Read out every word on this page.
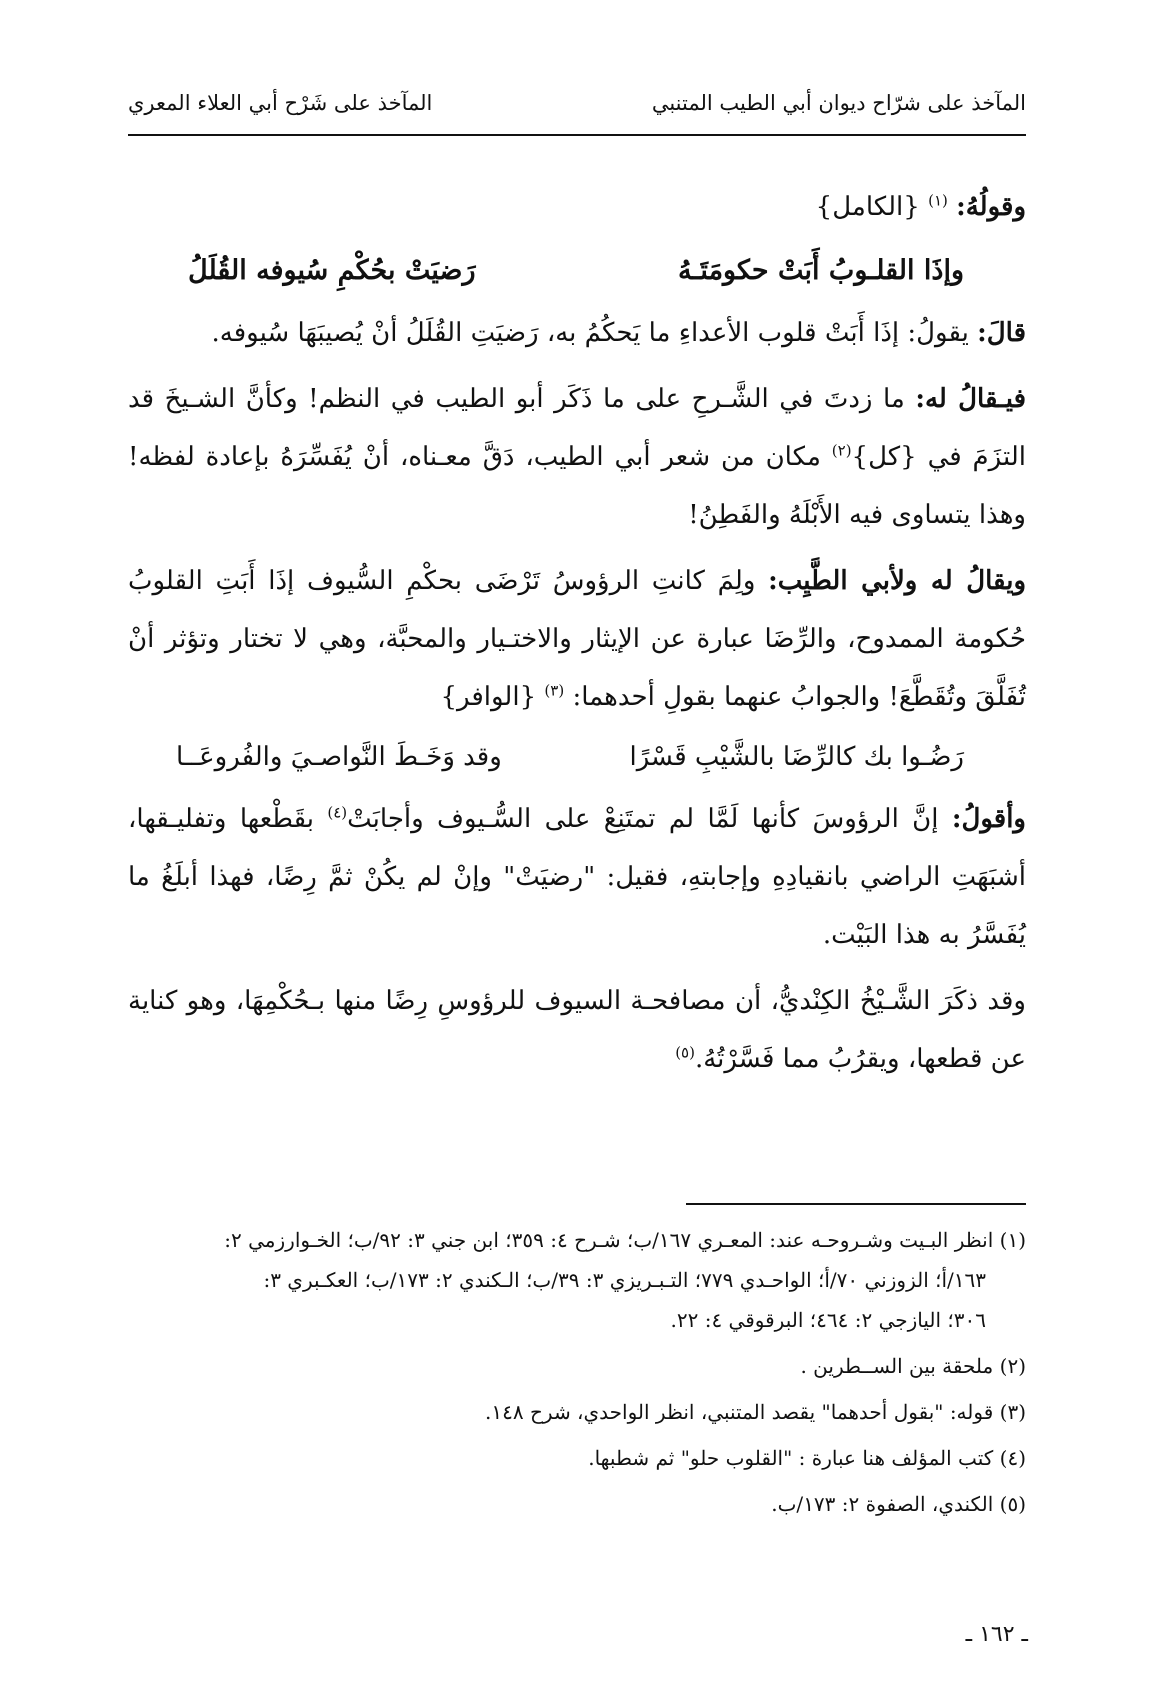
المآخذ على شرّاح ديوان أبي الطيب المتنبي
المآخذ على شَرْح أبي العلاء المعري

وقولُهُ: $^{(١)}$ {الكامل}

وإذَا القلـوبُ أَبَتْ حكومَتَـهُ
رَضيَتْ بحُكْمِ سُيوفه القُلَلُ

قالَ: يقولُ: إذَا أَبَتْ قلوب الأعداءِ ما يَحكُمُ به، رَضيَتِ القُلَلُ أنْ يُصيبَهَا سُيوفه.

فيـقالُ له: ما زدتَ في الشَّـرحِ على ما ذَكَر أبو الطيب في النظم! وكأنَّ الشـيخَ قد التزَمَ في {كل}$^{(٢)}$ مكان من شعر أبي الطيب، دَقَّ معـناه، أنْ يُفَسِّرَهُ بإعادة لفظه! وهذا يتساوى فيه الأَبْلَهُ والفَطِنُ!

ويقالُ له ولأبي الطَّيِب: ولِمَ كانتِ الرؤوسُ تَرْضَى بحكْمِ السُّيوف إذَا أَبَتِ القلوبُ حُكومة الممدوح، والرِّضَا عبارة عن الإيثار والاختـيار والمحبَّة، وهي لا تختار وتؤثر أنْ تُفَلَّقَ وتُقَطَّعَ! والجوابُ عنهما بقولِ أحدهما: $^{(٣)}$ {الوافر}

رَضُـوا بك كالرِّضَا بالشَّيْبِ قَسْرًا
وقد وَخَـطَ النَّواصـيَ والفُروعَــا

وأقولُ: إنَّ الرؤوسَ كأنها لَمَّا لم تمتَنِعْ على السُّـيوف وأجابَتْ$^{(٤)}$ بقَطْعها وتفليـقها، أشبَهَتِ الراضي بانقيادِهِ وإجابتهِ، فقيل: "رضيَتْ" وإنْ لم يكُنْ ثمَّ رِضًا، فهذا أبلَغُ ما يُفَسَّرُ به هذا البَيْت.

وقد ذكَرَ الشَّـيْخُ الكِنْديُّ، أن مصافحـة السيوف للرؤوسِ رِضًا منها بـحُكْمِهَا، وهو كناية عن قطعها، ويقرُبُ مما فَسَّرْتُهُ.$^{(٥)}$

(١) انظر البـيت وشـروحـه عند: المعـري ١٦٧/ب؛ شـرح ٤: ٣٥٩؛ ابن جني ٣: ٩٢/ب؛ الخـوارزمي ٢:

١٦٣/أ؛ الزوزني ٧٠/أ؛ الواحـدي ٧٧٩؛ التـبـريزي ٣: ٣٩/ب؛ الـكندي ٢: ١٧٣/ب؛ العكـبري ٣:

٣٠٦؛ اليازجي ٢: ٤٦٤؛ البرقوقي ٤: ٢٢.

(٢) ملحقة بين الســطرين .

(٣) قوله: "بقول أحدهما" يقصد المتنبي، انظر الواحدي، شرح ١٤٨.

(٤) كتب المؤلف هنا عبارة : "القلوب حلو" ثم شطبها.

(٥) الكندي، الصفوة ٢: ١٧٣/ب.

ـ ١٦٢ ـ
